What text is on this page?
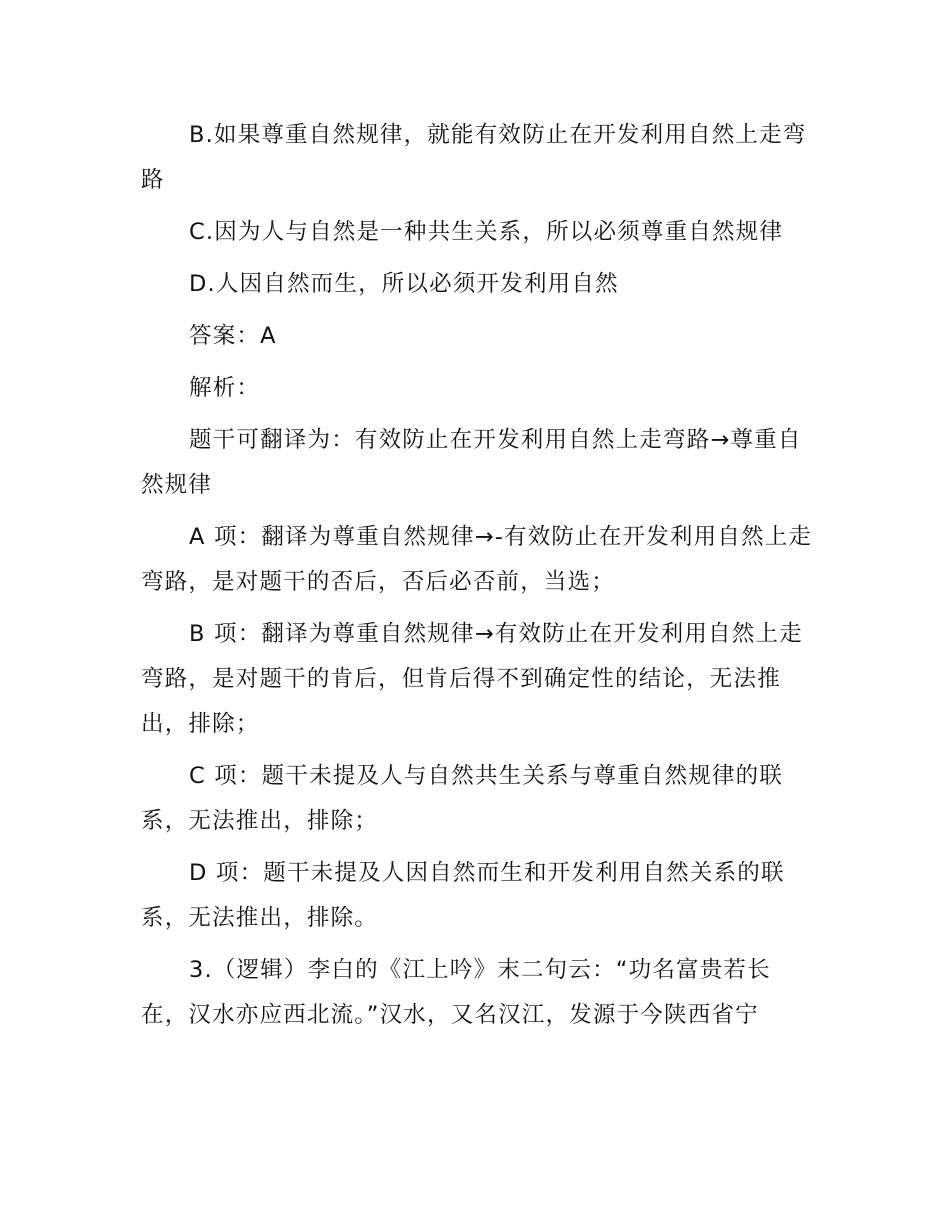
B.如果尊重自然规律，就能有效防止在开发利用自然上走弯路

C.因为人与自然是一种共生关系，所以必须尊重自然规律

D.人因自然而生，所以必须开发利用自然

答案：A

解析：

题干可翻译为：有效防止在开发利用自然上走弯路→尊重自然规律

A 项：翻译为尊重自然规律→-有效防止在开发利用自然上走弯路，是对题干的否后，否后必否前，当选；

B 项：翻译为尊重自然规律→有效防止在开发利用自然上走弯路，是对题干的肯后，但肯后得不到确定性的结论，无法推出，排除；

C 项：题干未提及人与自然共生关系与尊重自然规律的联系，无法推出，排除；

D 项：题干未提及人因自然而生和开发利用自然关系的联系，无法推出，排除。

3.（逻辑）李白的《江上吟》末二句云：“功名富贵若长在，汉水亦应西北流。”汉水，又名汉江，发源于今陕西省宁
